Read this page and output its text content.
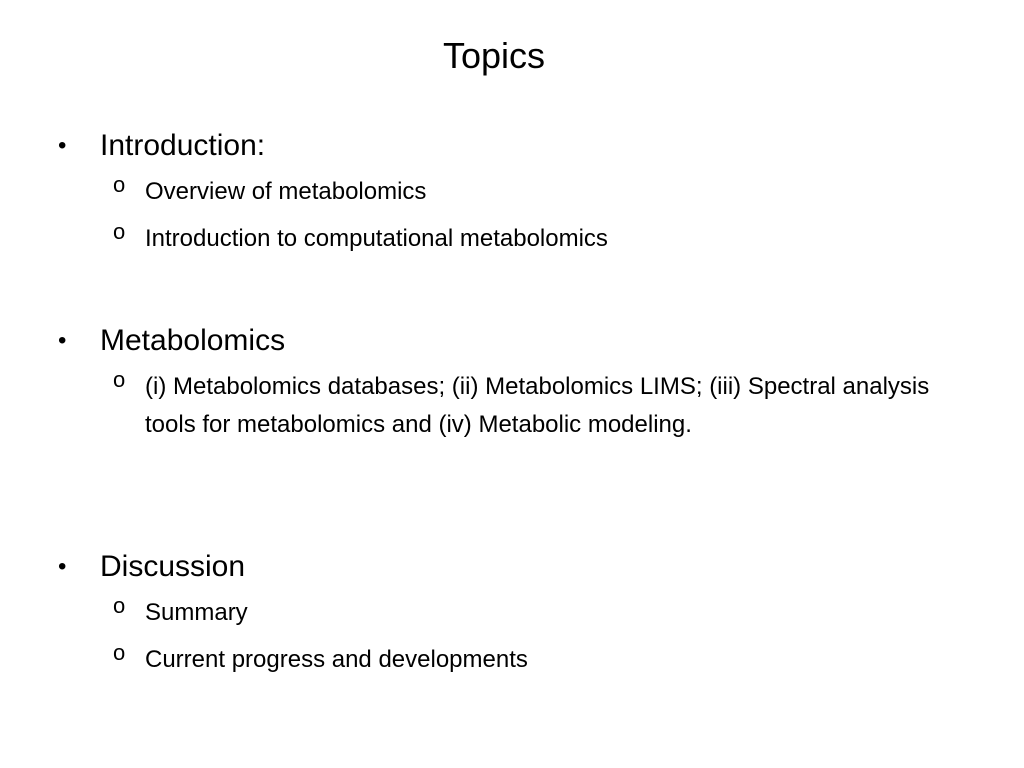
Topics
• Introduction:
o Overview of metabolomics
o Introduction to computational metabolomics
• Metabolomics
o (i) Metabolomics databases; (ii) Metabolomics LIMS; (iii) Spectral analysis tools for metabolomics and (iv) Metabolic modeling.
• Discussion
o Summary
o Current progress and developments
